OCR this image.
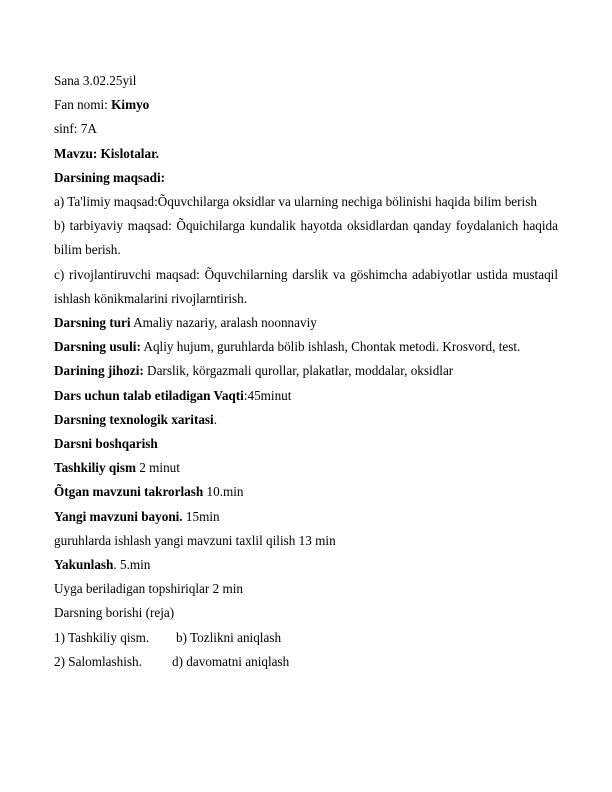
Sana 3.02.25yil
Fan nomi: Kimyo
sinf: 7A
Mavzu: Kislotalar.
Darsining maqsadi:
a) Ta'limiy maqsad:Õquvchilarga oksidlar va ularning nechiga bölinishi haqida bilim berish
b) tarbiyaviy maqsad: Õquichilarga kundalik hayotda oksidlardan qanday foydalanich haqida bilim berish.
c) rivojlantiruvchi maqsad: Õquvchilarning darslik va göshimcha adabiyotlar ustida mustaqil ishlash könikmalarini rivojlarntirish.
Darsning turi Amaliy nazariy, aralash noonnaviy
Darsning usuli: Aqliy hujum, guruhlarda bölib ishlash, Chontak metodi. Krosvord, test.
Darining jihozi: Darslik, körgazmali qurollar, plakatlar, moddalar, oksidlar
Dars uchun talab etiladigan Vaqti:45minut
Darsning texnologik xaritasi.
Darsni boshqarish
Tashkiliy qism 2 minut
Õtgan mavzuni takrorlash 10.min
Yangi mavzuni bayoni. 15min
guruhlarda ishlash yangi mavzuni taxlil qilish 13 min
Yakunlash. 5.min
Uyga beriladigan topshiriqlar 2 min
Darsning borishi (reja)
1) Tashkiliy qism. b) Tozlikni aniqlash
2) Salomlashish. d) davomatni aniqlash
